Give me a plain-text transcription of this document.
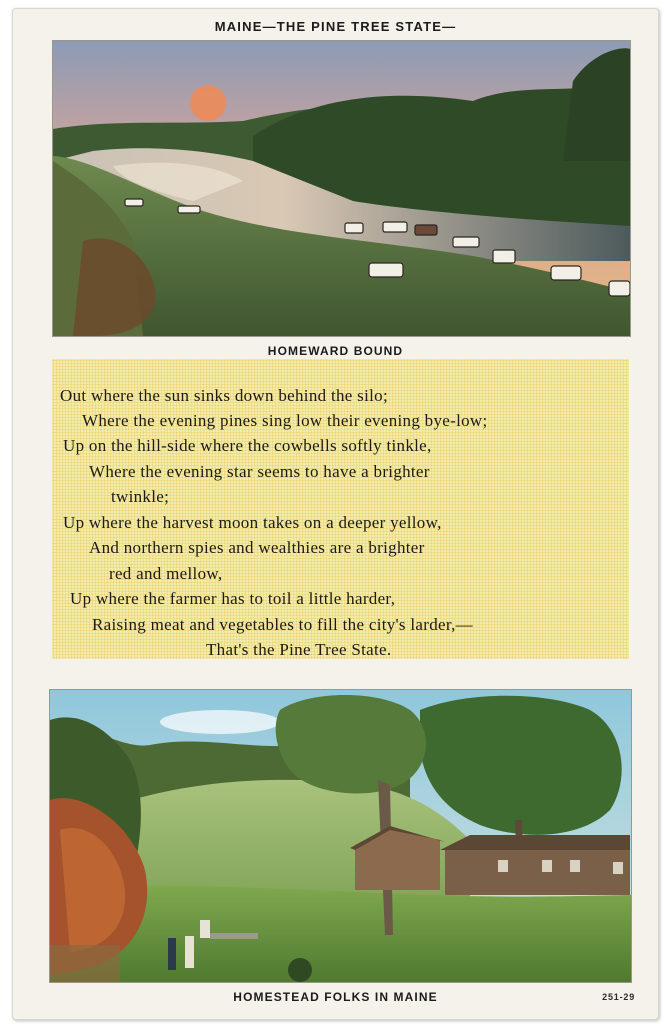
MAINE—THE PINE TREE STATE—
HOMEWARD BOUND
Out where the sun sinks down behind the silo;
Where the evening pines sing low their evening bye-low;
Up on the hill-side where the cowbells softly tinkle,
Where the evening star seems to have a brighter
twinkle;
Up where the harvest moon takes on a deeper yellow,
And northern spies and wealthies are a brighter
red and mellow,
Up where the farmer has to toil a little harder,
Raising meat and vegetables to fill the city's larder,—
That's the Pine Tree State.
HOMESTEAD FOLKS IN MAINE	251-29
